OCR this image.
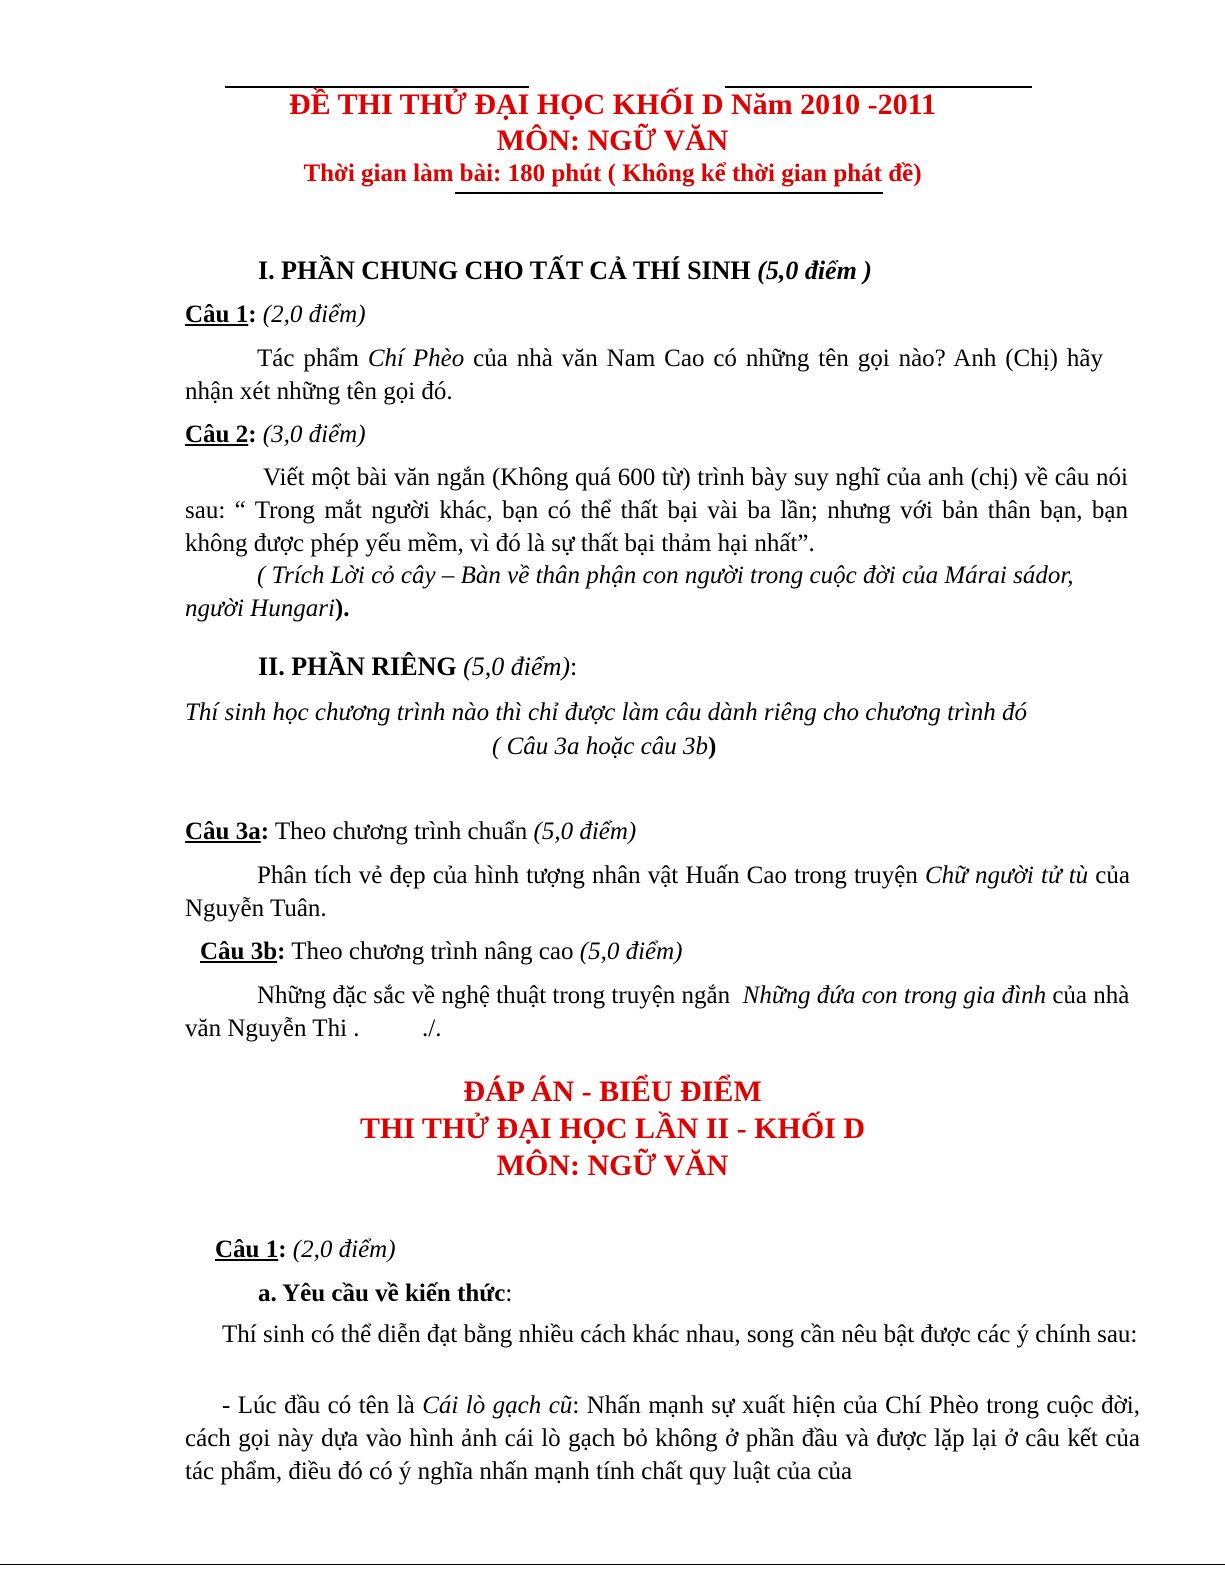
ĐỀ THI THỬ ĐẠI HỌC KHỐI D Năm 2010 -2011
MÔN: NGỮ VĂN
Thời gian làm bài: 180 phút ( Không kể thời gian phát đề)
I. PHẦN CHUNG CHO TẤT CẢ THÍ SINH (5,0 điểm )
Câu 1: (2,0 điểm)
Tác phẩm Chí Phèo của nhà văn Nam Cao có những tên gọi nào? Anh (Chị) hãy nhận xét những tên gọi đó.
Câu 2: (3,0 điểm)
Viết một bài văn ngắn (Không quá 600 từ) trình bày suy nghĩ của anh (chị) về câu nói sau: “ Trong mắt người khác, bạn có thể thất bại vài ba lần; nhưng với bản thân bạn, bạn không được phép yếu mềm, vì đó là sự thất bại thảm hại nhất”.
( Trích Lời cỏ cây – Bàn về thân phận con người trong cuộc đời của Márai sádor, người Hungari).
II. PHẦN RIÊNG (5,0 điểm):
Thí sinh học chương trình nào thì chỉ được làm câu dành riêng cho chương trình đó
( Câu 3a hoặc câu 3b)
Câu 3a: Theo chương trình chuẩn (5,0 điểm)
Phân tích vẻ đẹp của hình tượng nhân vật Huấn Cao trong truyện Chữ người tử tù của Nguyễn Tuân.
Câu 3b: Theo chương trình nâng cao (5,0 điểm)
Những đặc sắc về nghệ thuật trong truyện ngắn  Những đứa con trong gia đình của nhà văn Nguyễn Thi .          ./.
ĐÁP ÁN - BIỂU ĐIỂM
THI THỬ ĐẠI HỌC LẦN II - KHỐI D
MÔN: NGỮ VĂN
Câu 1: (2,0 điểm)
a. Yêu cầu về kiến thức:
Thí sinh có thể diễn đạt bằng nhiều cách khác nhau, song cần nêu bật được các ý chính sau:
- Lúc đầu có tên là Cái lò gạch cũ: Nhấn mạnh sự xuất hiện của Chí Phèo trong cuộc đời, cách gọi này dựa vào hình ảnh cái lò gạch bỏ không ở phần đầu và được lặp lại ở câu kết của tác phẩm, điều đó có ý nghĩa nhấn mạnh tính chất quy luật của của
